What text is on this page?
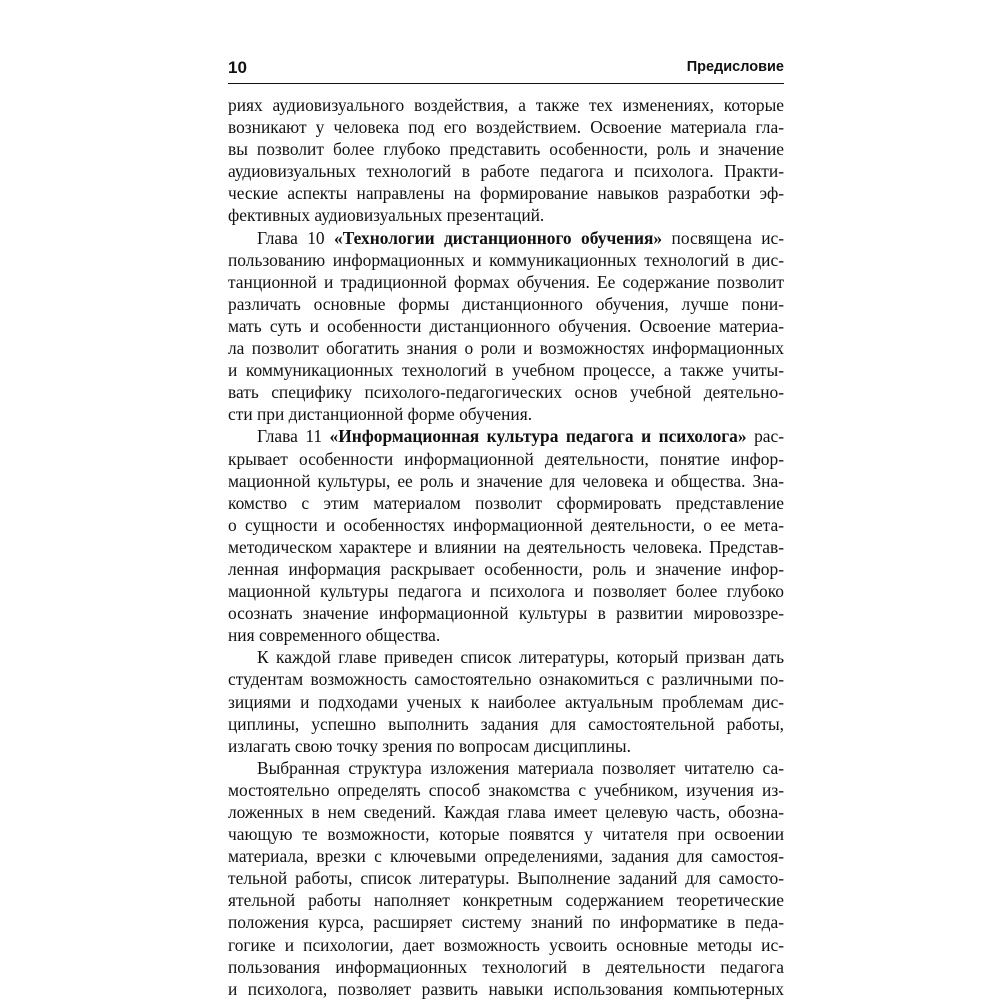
10	Предисловие
риях аудиовизуального воздействия, а также тех изменениях, которые
возникают у человека под его воздействием. Освоение материала гла-
вы позволит более глубоко представить особенности, роль и значение
аудиовизуальных технологий в работе педагога и психолога. Практи-
ческие аспекты направлены на формирование навыков разработки эф-
фективных аудиовизуальных презентаций.
Глава 10 «Технологии дистанционного обучения» посвящена ис-
пользованию информационных и коммуникационных технологий в дис-
танционной и традиционной формах обучения. Ее содержание позволит
различать основные формы дистанционного обучения, лучше пони-
мать суть и особенности дистанционного обучения. Освоение материа-
ла позволит обогатить знания о роли и возможностях информационных
и коммуникационных технологий в учебном процессе, а также учиты-
вать специфику психолого-педагогических основ учебной деятельно-
сти при дистанционной форме обучения.
Глава 11 «Информационная культура педагога и психолога» рас-
крывает особенности информационной деятельности, понятие инфор-
мационной культуры, ее роль и значение для человека и общества. Зна-
комство с этим материалом позволит сформировать представление
о сущности и особенностях информационной деятельности, о ее мета-
методическом характере и влиянии на деятельность человека. Представ-
ленная информация раскрывает особенности, роль и значение инфор-
мационной культуры педагога и психолога и позволяет более глубоко
осознать значение информационной культуры в развитии мировоззре-
ния современного общества.
К каждой главе приведен список литературы, который призван дать
студентам возможность самостоятельно ознакомиться с различными по-
зициями и подходами ученых к наиболее актуальным проблемам дис-
циплины, успешно выполнить задания для самостоятельной работы,
излагать свою точку зрения по вопросам дисциплины.
Выбранная структура изложения материала позволяет читателю са-
мостоятельно определять способ знакомства с учебником, изучения из-
ложенных в нем сведений. Каждая глава имеет целевую часть, обозна-
чающую те возможности, которые появятся у читателя при освоении
материала, врезки с ключевыми определениями, задания для самостоя-
тельной работы, список литературы. Выполнение заданий для самосто-
ятельной работы наполняет конкретным содержанием теоретические
положения курса, расширяет систему знаний по информатике в педа-
гогике и психологии, дает возможность усвоить основные методы ис-
пользования информационных технологий в деятельности педагога
и психолога, позволяет развить навыки использования компьютерных
